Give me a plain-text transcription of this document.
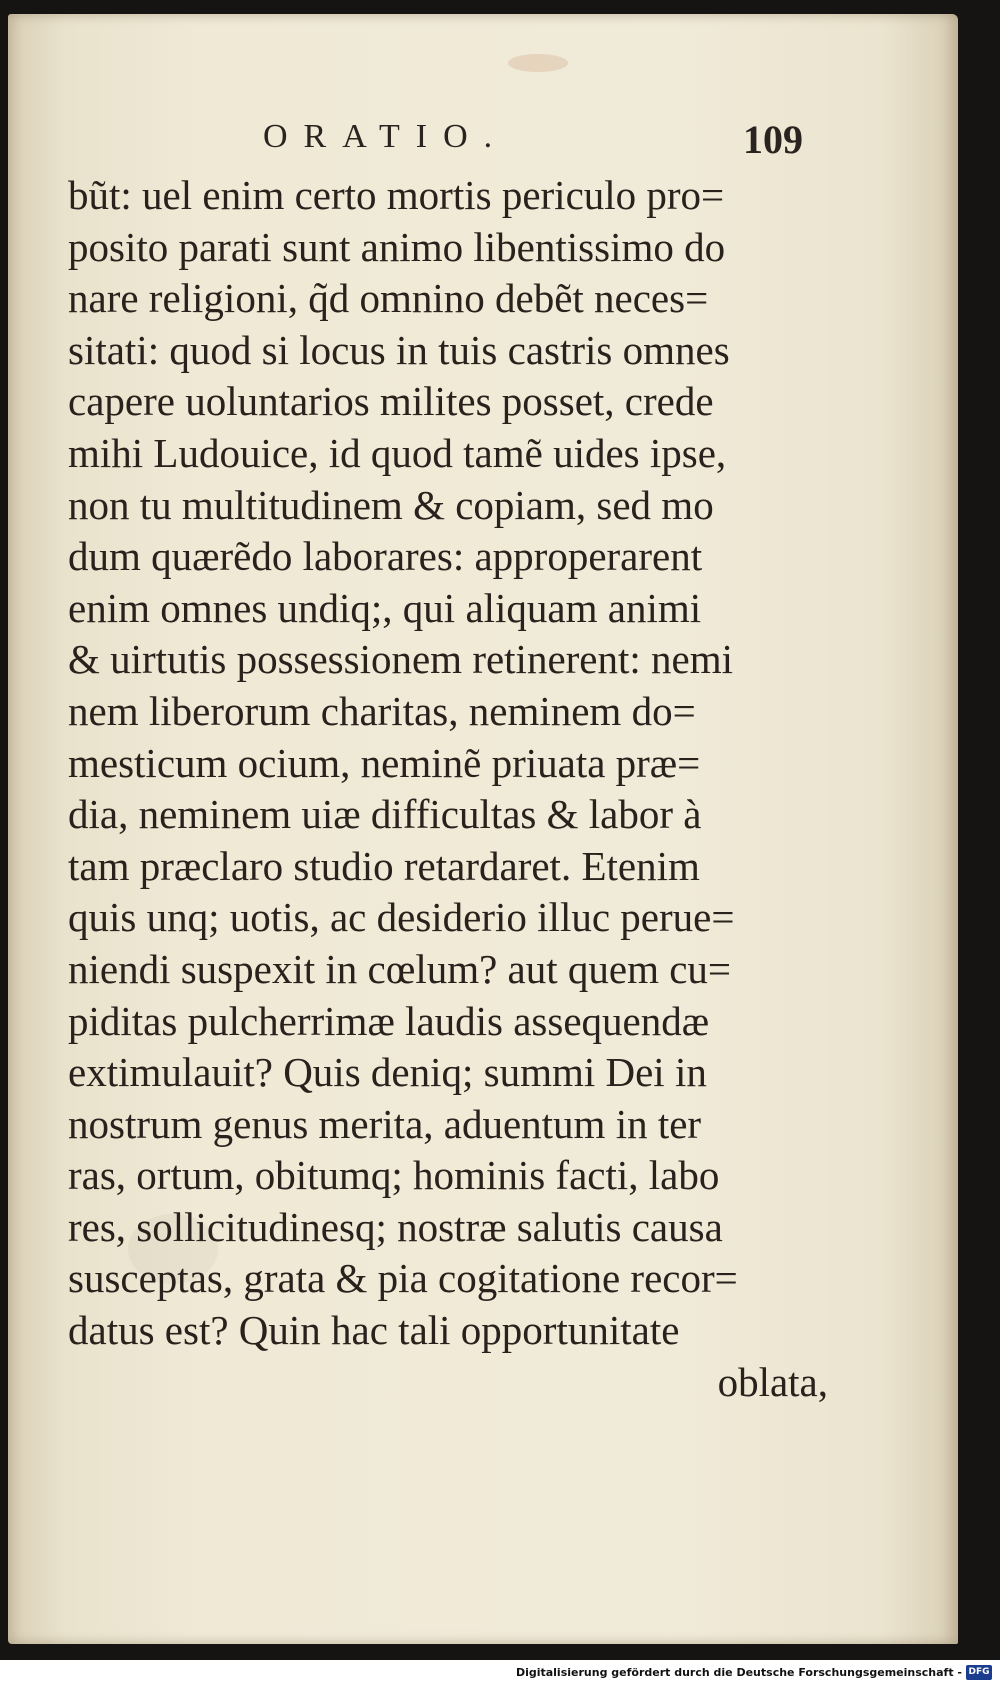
ORATIO.	109
bũt: uel enim certo mortis periculo pro=
posito parati sunt animo libentissimo do
nare religioni, q̃d omnino debẽt neces=
sitati: quod si locus in tuis castris omnes
capere uoluntarios milites posset, crede
mihi Ludouice, id quod tamẽ uides ipse,
non tu multitudinem & copiam, sed mo
dum quærẽdo laborares: approperarent
enim omnes undiq;, qui aliquam animi
& uirtutis possessionem retinerent: nemi
nem liberorum charitas, neminem do=
mesticum ocium, neminẽ priuata præ=
dia, neminem uiæ difficultas & labor à
tam præclaro studio retardaret. Etenim
quis unq; uotis, ac desiderio illuc perue=
niendi suspexit in cœlum? aut quem cu=
piditas pulcherrimæ laudis assequendæ
extimulauit? Quis deniq; summi Dei in
nostrum genus merita, aduentum in ter
ras, ortum, obitumq; hominis facti, labo
res, sollicitudinesq; nostræ salutis causa
susceptas, grata & pia cogitatione recor=
datus est? Quin hac tali opportunitate
oblata,
Digitalisierung gefördert durch die Deutsche Forschungsgemeinschaft - DFG
